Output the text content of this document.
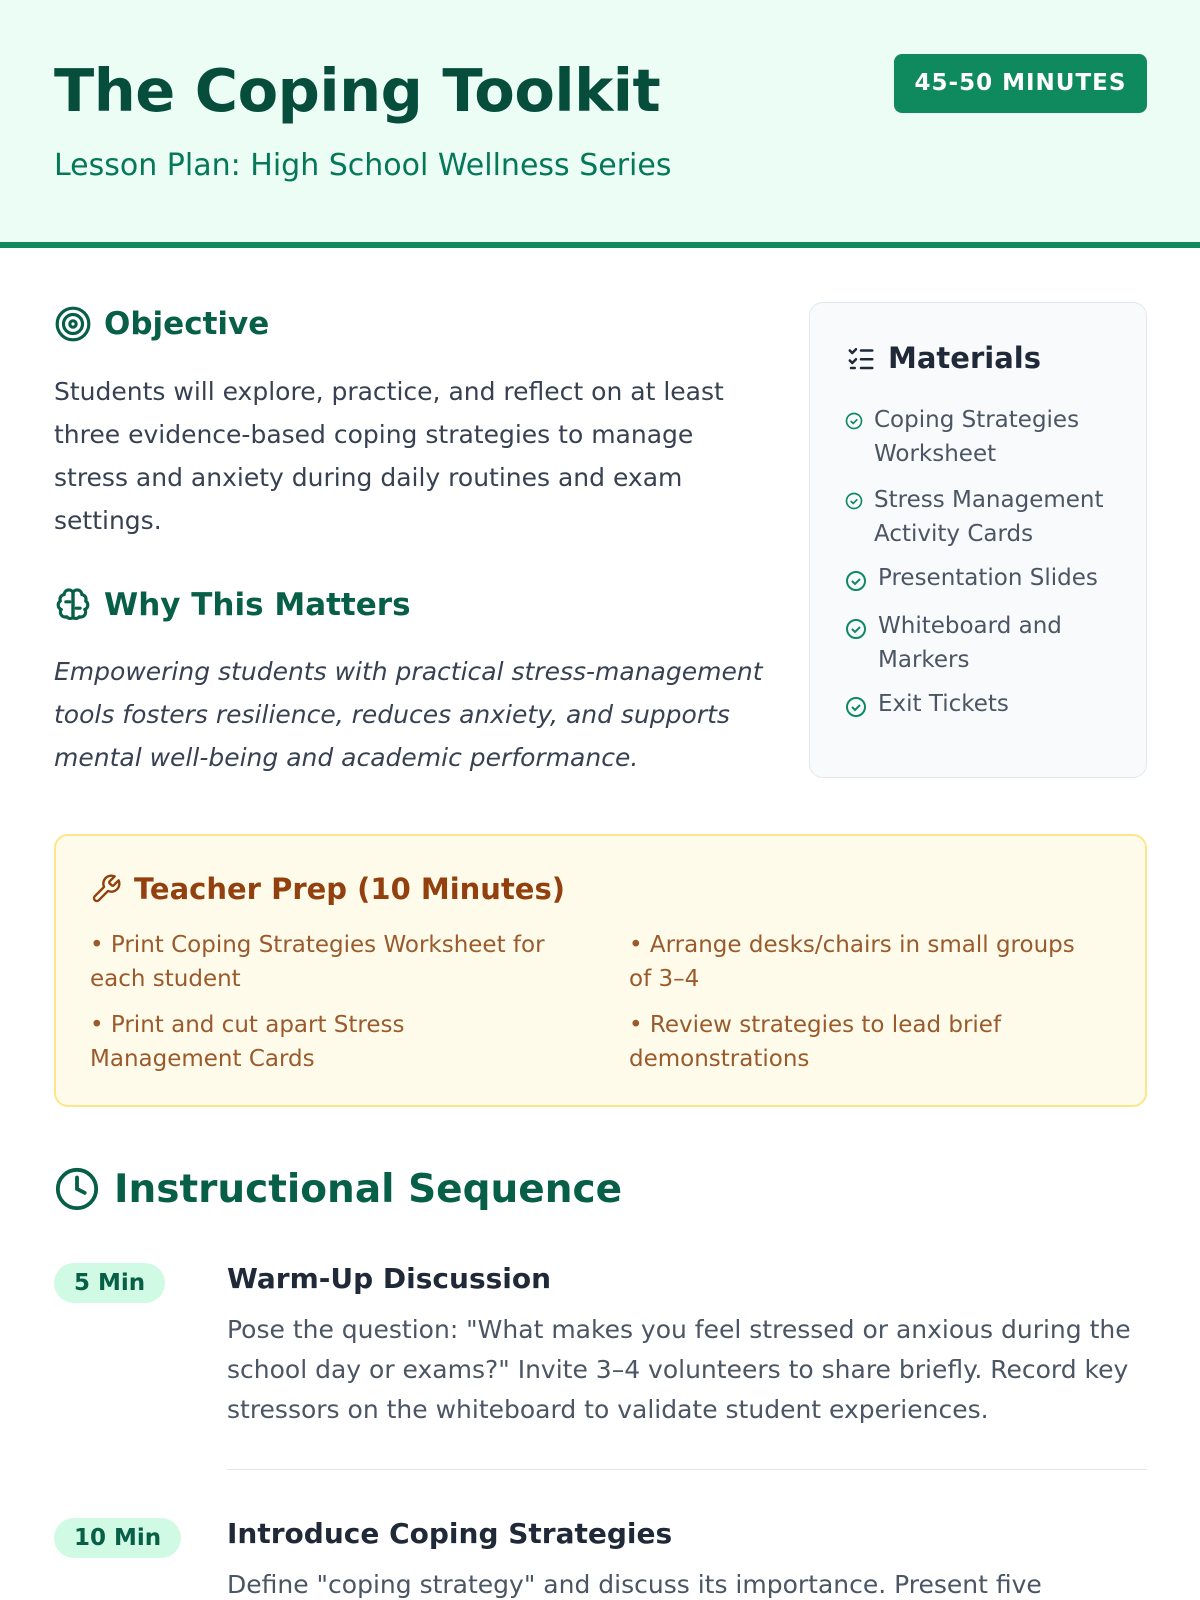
The Coping Toolkit
Lesson Plan: High School Wellness Series
45-50 MINUTES
Objective
Students will explore, practice, and reflect on at least three evidence-based coping strategies to manage stress and anxiety during daily routines and exam settings.
Why This Matters
Empowering students with practical stress-management tools fosters resilience, reduces anxiety, and supports mental well-being and academic performance.
Materials
Coping Strategies Worksheet
Stress Management Activity Cards
Presentation Slides
Whiteboard and Markers
Exit Tickets
Teacher Prep (10 Minutes)
• Print Coping Strategies Worksheet for each student
• Arrange desks/chairs in small groups of 3–4
• Print and cut apart Stress Management Cards
• Review strategies to lead brief demonstrations
Instructional Sequence
5 Min	Warm-Up Discussion
Pose the question: "What makes you feel stressed or anxious during the school day or exams?" Invite 3–4 volunteers to share briefly. Record key stressors on the whiteboard to validate student experiences.
10 Min	Introduce Coping Strategies
Define "coping strategy" and discuss its importance. Present five
